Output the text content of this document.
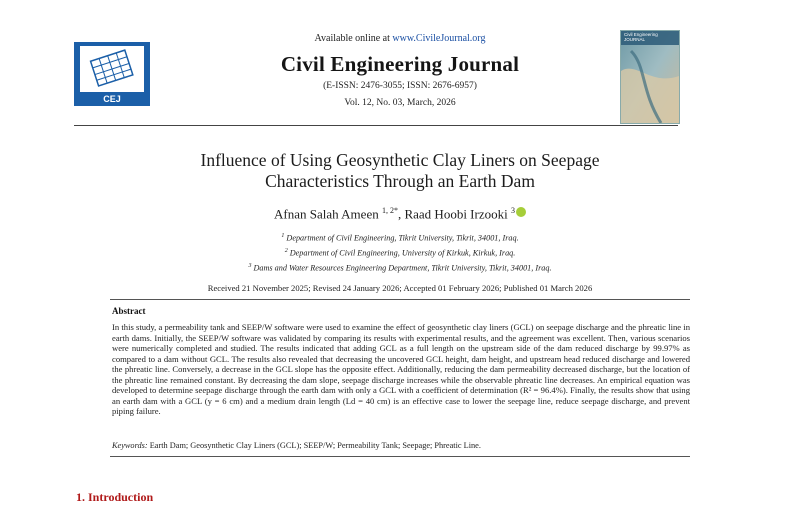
CEJ
Civil Engineering
JOURNAL
Available online at www.CivileJournal.org
Civil Engineering Journal
(E-ISSN: 2476-3055; ISSN: 2676-6957)
Vol. 12, No. 03, March, 2026
Influence of Using Geosynthetic Clay Liners on Seepage
Characteristics Through an Earth Dam
Afnan Salah Ameen $^{1, 2*}$, Raad Hoobi Irzooki $^3$
$^1$ Department of Civil Engineering, Tikrit University, Tikrit, 34001, Iraq.
$^2$ Department of Civil Engineering, University of Kirkuk, Kirkuk, Iraq.
$^3$ Dams and Water Resources Engineering Department, Tikrit University, Tikrit, 34001, Iraq.
Received 21 November 2025; Revised 24 January 2026; Accepted 01 February 2026; Published 01 March 2026
Abstract
In this study, a permeability tank and SEEP/W software were used to examine the effect of geosynthetic clay liners (GCL) on seepage discharge and the phreatic line in earth dams. Initially, the SEEP/W software was validated by comparing its results with experimental results, and the agreement was excellent. Then, various scenarios were numerically completed and studied. The results indicated that adding GCL as a full length on the upstream side of the dam reduced discharge by 99.97% as compared to a dam without GCL. The results also revealed that decreasing the uncovered GCL height, dam height, and upstream head reduced discharge and lowered the phreatic line. Conversely, a decrease in the GCL slope has the opposite effect. Additionally, reducing the dam permeability decreased discharge, but the location of the phreatic line remained constant. By decreasing the dam slope, seepage discharge increases while the observable phreatic line decreases. An empirical equation was developed to determine seepage discharge through the earth dam with only a GCL with a coefficient of determination (R² = 96.4%). Finally, the results show that using an earth dam with a GCL (y = 6 cm) and a medium drain length (Ld = 40 cm) is an effective case to lower the seepage line, reduce seepage discharge, and prevent piping failure.
Keywords: Earth Dam; Geosynthetic Clay Liners (GCL); SEEP/W; Permeability Tank; Seepage; Phreatic Line.
1. Introduction
